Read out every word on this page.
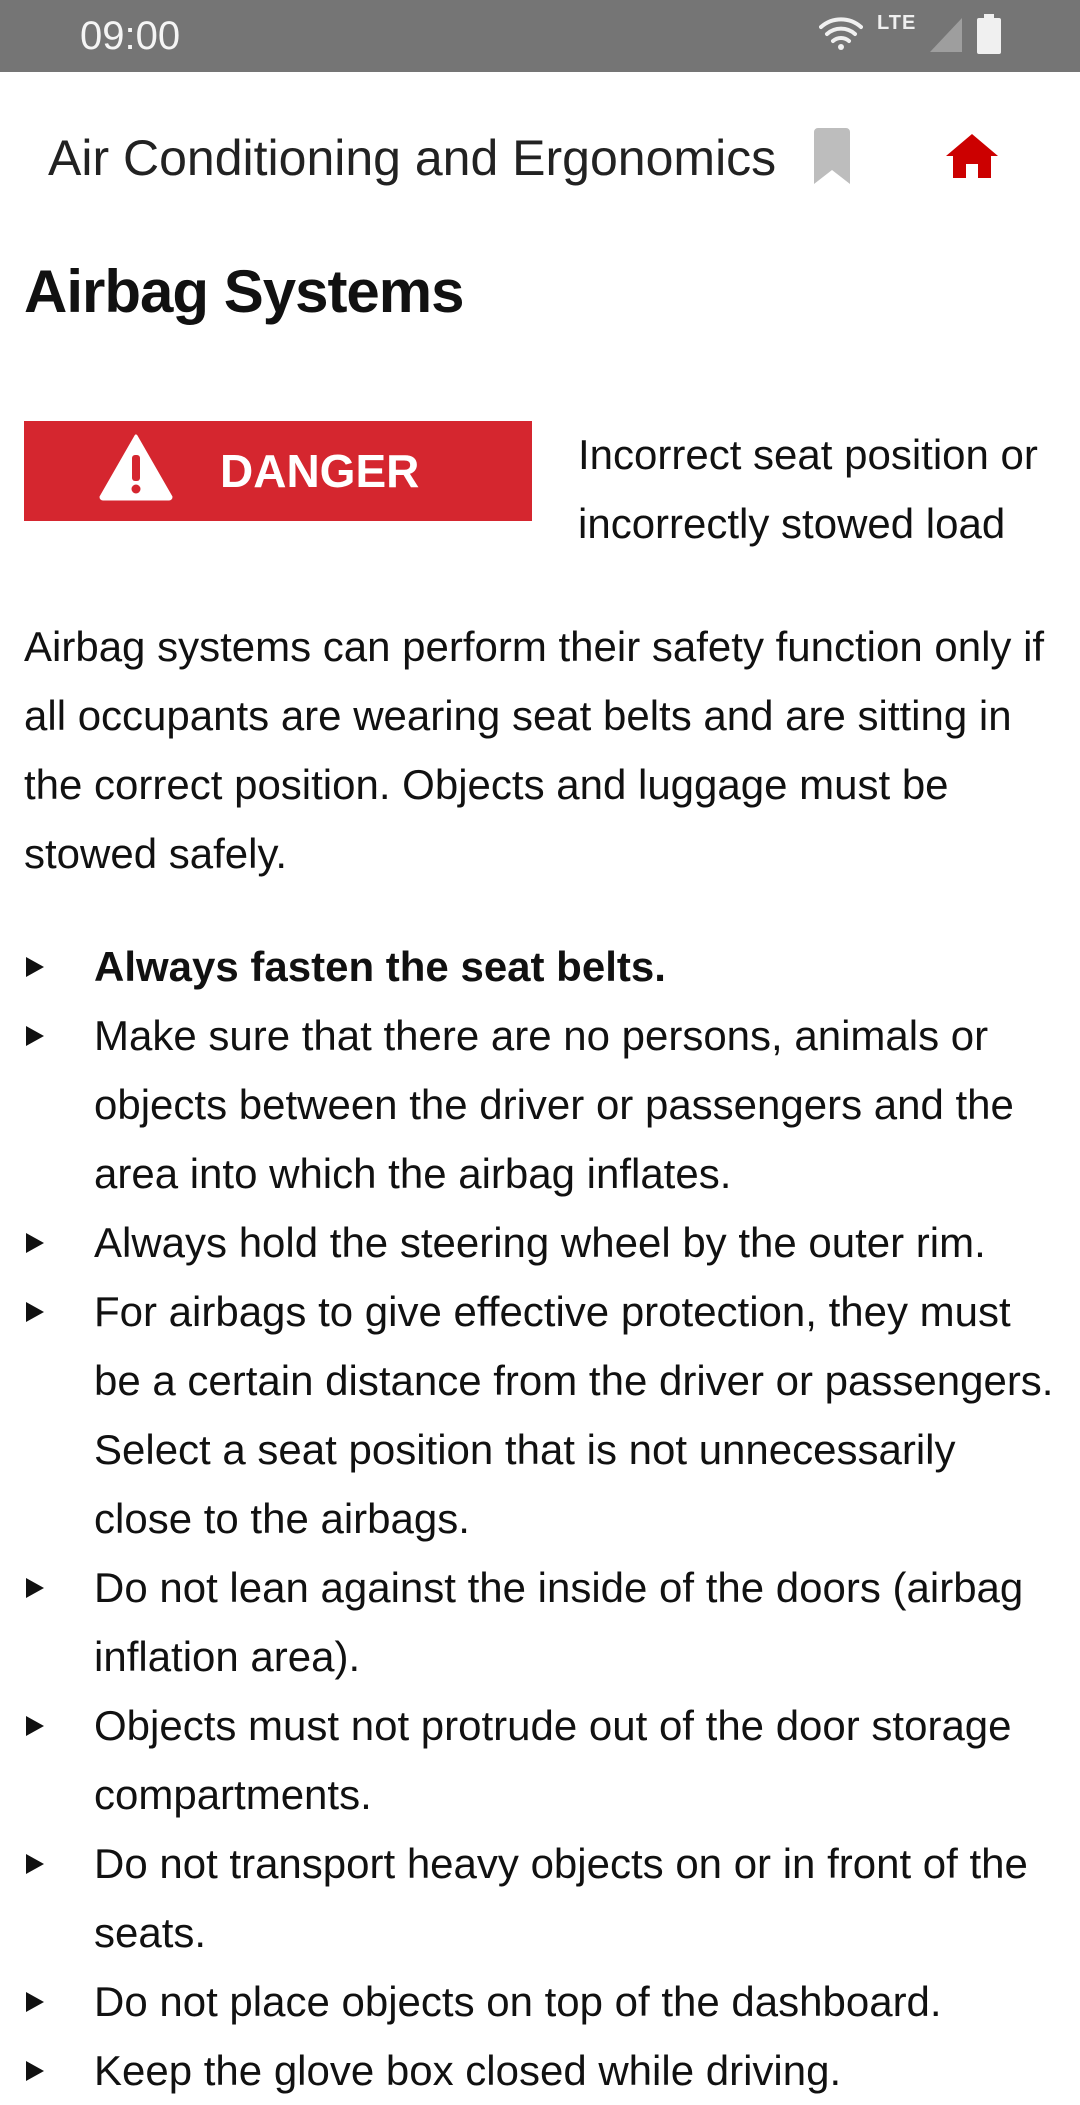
09:00	LTE
Air Conditioning and Ergonomics
Airbag Systems
DANGER	Incorrect seat position or incorrectly stowed load

Airbag systems can perform their safety function only if all occupants are wearing seat belts and are sitting in the correct position. Objects and luggage must be stowed safely.

Always fasten the seat belts.
Make sure that there are no persons, animals or objects between the driver or passengers and the area into which the airbag inflates.
Always hold the steering wheel by the outer rim.
For airbags to give effective protection, they must be a certain distance from the driver or passengers. Select a seat position that is not unnecessarily close to the airbags.
Do not lean against the inside of the doors (airbag inflation area).
Objects must not protrude out of the door storage compartments.
Do not transport heavy objects on or in front of the seats.
Do not place objects on top of the dashboard.
Keep the glove box closed while driving.
